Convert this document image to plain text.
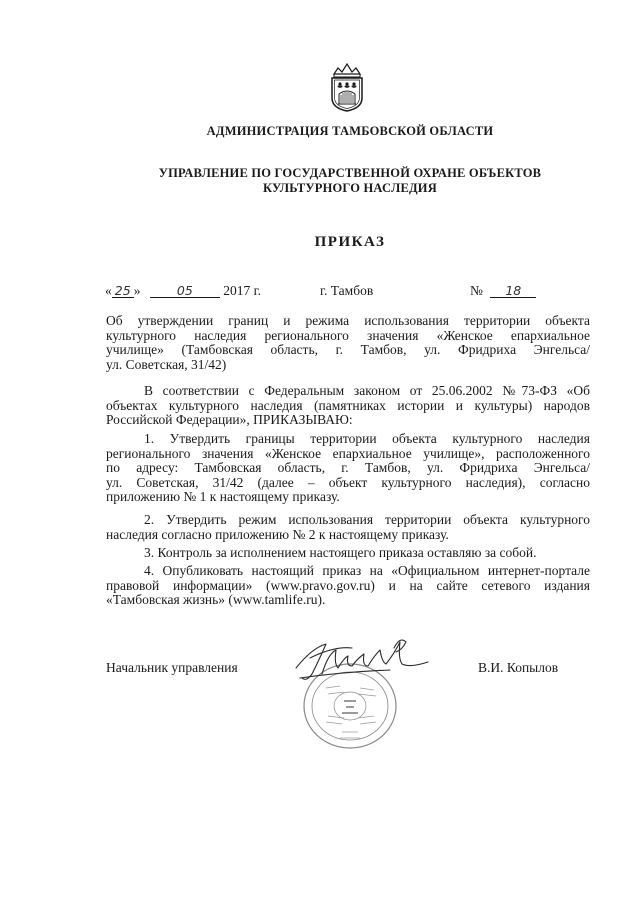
АДМИНИСТРАЦИЯ ТАМБОВСКОЙ ОБЛАСТИ
УПРАВЛЕНИЕ ПО ГОСУДАРСТВЕННОЙ ОХРАНЕ ОБЪЕКТОВ
КУЛЬТУРНОГО НАСЛЕДИЯ
ПРИКАЗ
« 25 »	05 2017 г.	г. Тамбов	№ 18
Об утверждении границ и режима использования территории объекта
культурного наследия регионального значения «Женское епархиальное
училище» (Тамбовская область, г. Тамбов, ул. Фридриха Энгельса/
ул. Советская, 31/42)
В соответствии с Федеральным законом от 25.06.2002 №73-ФЗ «Об
объектах культурного наследия (памятниках истории и культуры) народов
Российской Федерации», ПРИКАЗЫВАЮ:
1. Утвердить границы территории объекта культурного наследия
регионального значения «Женское епархиальное училище», расположенного
по адресу: Тамбовская область, г. Тамбов, ул. Фридриха Энгельса/
ул. Советская, 31/42 (далее – объект культурного наследия), согласно
приложению № 1 к настоящему приказу.
2. Утвердить режим использования территории объекта культурного
наследия согласно приложению № 2 к настоящему приказу.
3. Контроль за исполнением настоящего приказа оставляю за собой.
4. Опубликовать настоящий приказ на «Официальном интернет-портале
правовой информации» (www.pravo.gov.ru) и на сайте сетевого издания
«Тамбовская жизнь» (www.tamlife.ru).
Начальник управления	В.И. Копылов
